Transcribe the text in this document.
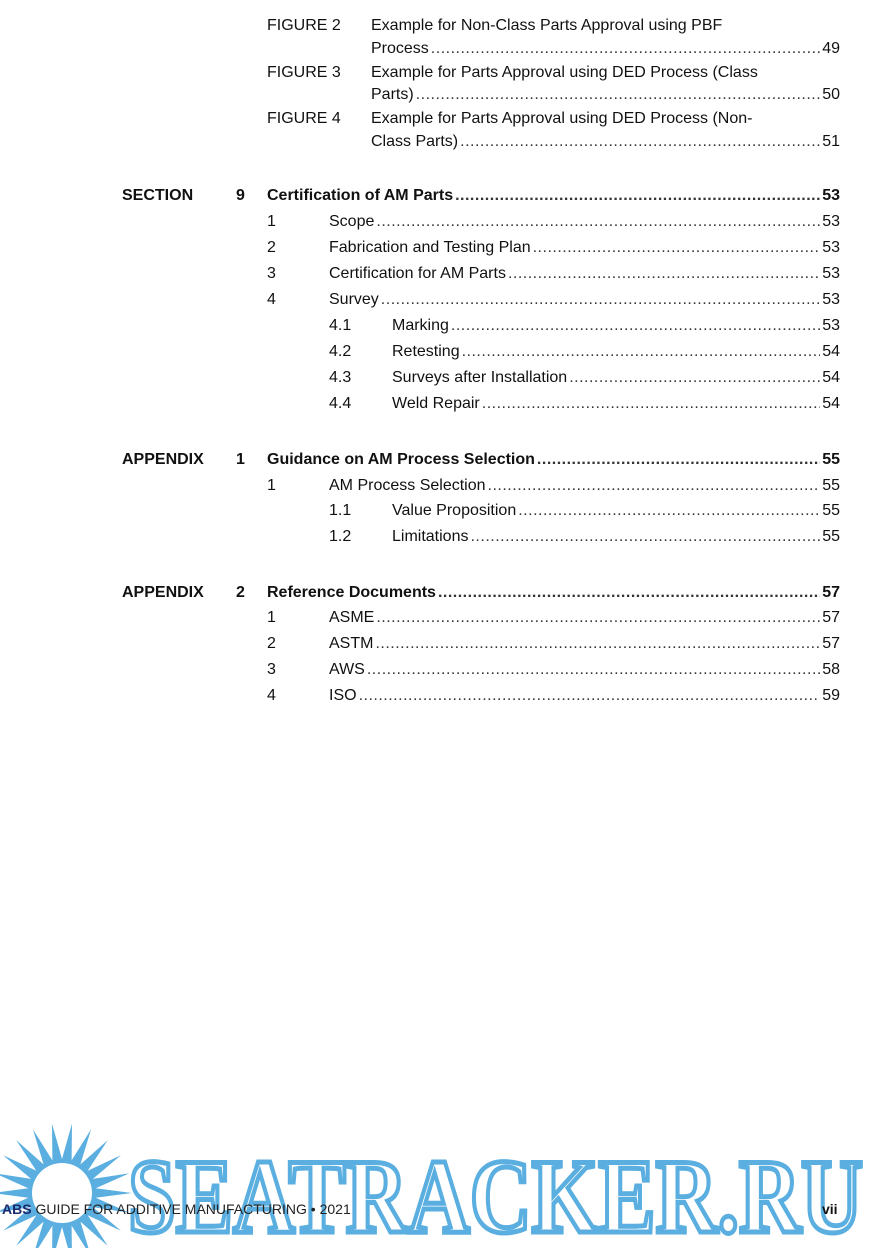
FIGURE 2 Example for Non-Class Parts Approval using PBF
Process .....	49
FIGURE 3 Example for Parts Approval using DED Process (Class
Parts) .....	50
FIGURE 4 Example for Parts Approval using DED Process (Non-
Class Parts) .....	51
SECTION	9 Certification of AM Parts .....	53
1	Scope .....	53
2	Fabrication and Testing Plan .....	53
3	Certification for AM Parts .....	53
4	Survey .....	53
4.1	Marking .....	53
4.2	Retesting .....	54
4.3	Surveys after Installation .....	54
4.4	Weld Repair .....	54
APPENDIX 1 Guidance on AM Process Selection .....	55
1	AM Process Selection .....	55
1.1	Value Proposition .....	55
1.2	Limitations .....	55
APPENDIX 2 Reference Documents .....	57
1	ASME .....	57
2	ASTM .....	57
3	AWS .....	58
4	ISO .....	59
SEATRACKER.RU
ABS GUIDE FOR ADDITIVE MANUFACTURING • 2021	vii
